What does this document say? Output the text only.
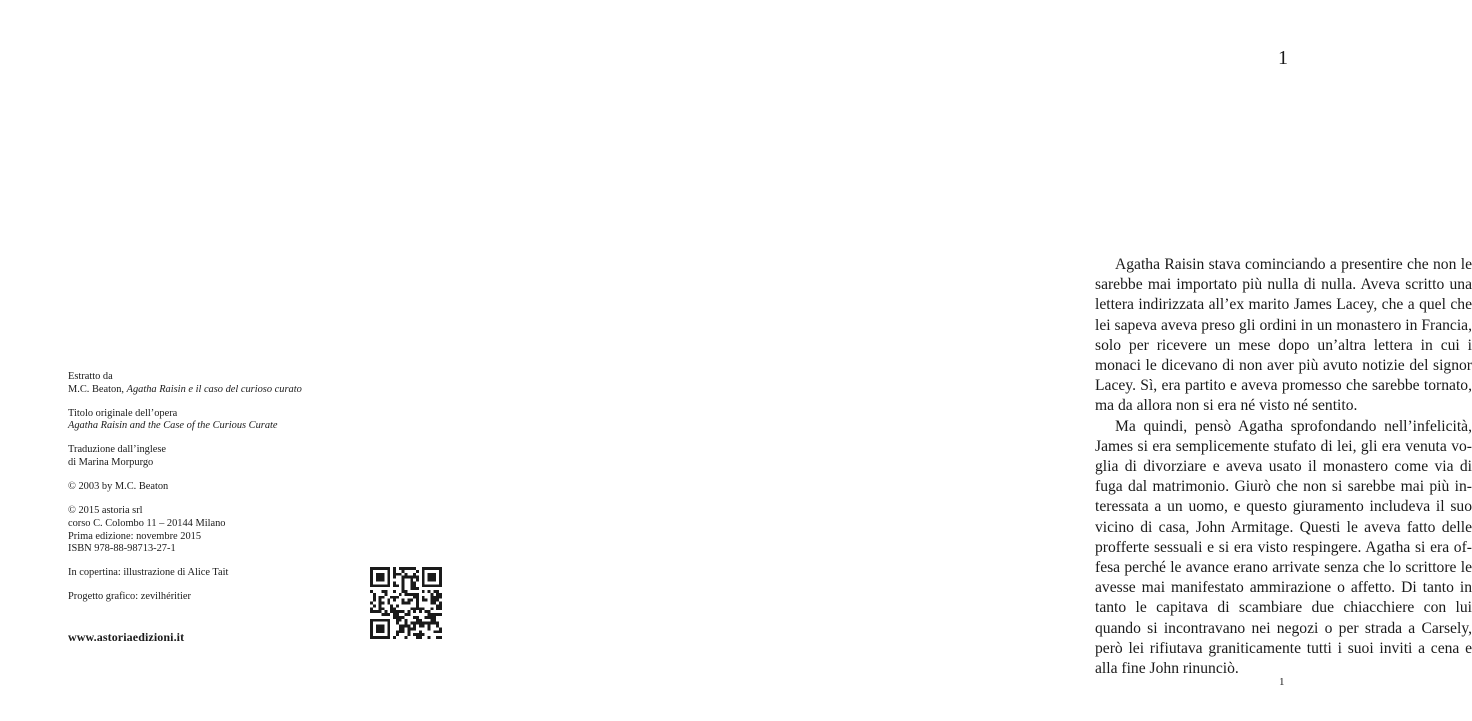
Estratto da
M.C. Beaton, Agatha Raisin e il caso del curioso curato
Titolo originale dell’opera
Agatha Raisin and the Case of the Curious Curate
Traduzione dall’inglese
di Marina Morpurgo
© 2003 by M.C. Beaton
© 2015 astoria srl
corso C. Colombo 11 – 20144 Milano
Prima edizione: novembre 2015
ISBN 978-88-98713-27-1
In copertina: illustrazione di Alice Tait
Progetto grafico: zevilhéritier
www.astoriaedizioni.it
1

Agatha Raisin stava cominciando a presentire che non le sarebbe mai importato più nulla di nulla. Aveva scritto una lettera indirizzata all’ex marito James Lacey, che a quel che lei sapeva aveva preso gli ordini in un monastero in Francia, solo per ricevere un mese dopo un’altra lettera in cui i monaci le dicevano di non aver più avuto notizie del signor Lacey. Sì, era partito e aveva promesso che sarebbe tornato, ma da allora non si era né visto né sentito.

Ma quindi, pensò Agatha sprofondando nell’infelicità, James si era semplicemente stufato di lei, gli era venuta voglia di divorziare e aveva usato il monastero come via di fuga dal matrimonio. Giurò che non si sarebbe mai più interessata a un uomo, e questo giuramento includeva il suo vicino di casa, John Armitage. Questi le aveva fatto delle profferte sessuali e si era visto respingere. Agatha si era offesa perché le avance erano arrivate senza che lo scrittore le avesse mai manifestato ammirazione o affetto. Di tanto in tanto le capitava di scambiare due chiacchiere con lui quando si incontravano nei negozi o per strada a Carsely, però lei rifiutava graniticamente tutti i suoi inviti a cena e alla fine John rinunciò.

1
